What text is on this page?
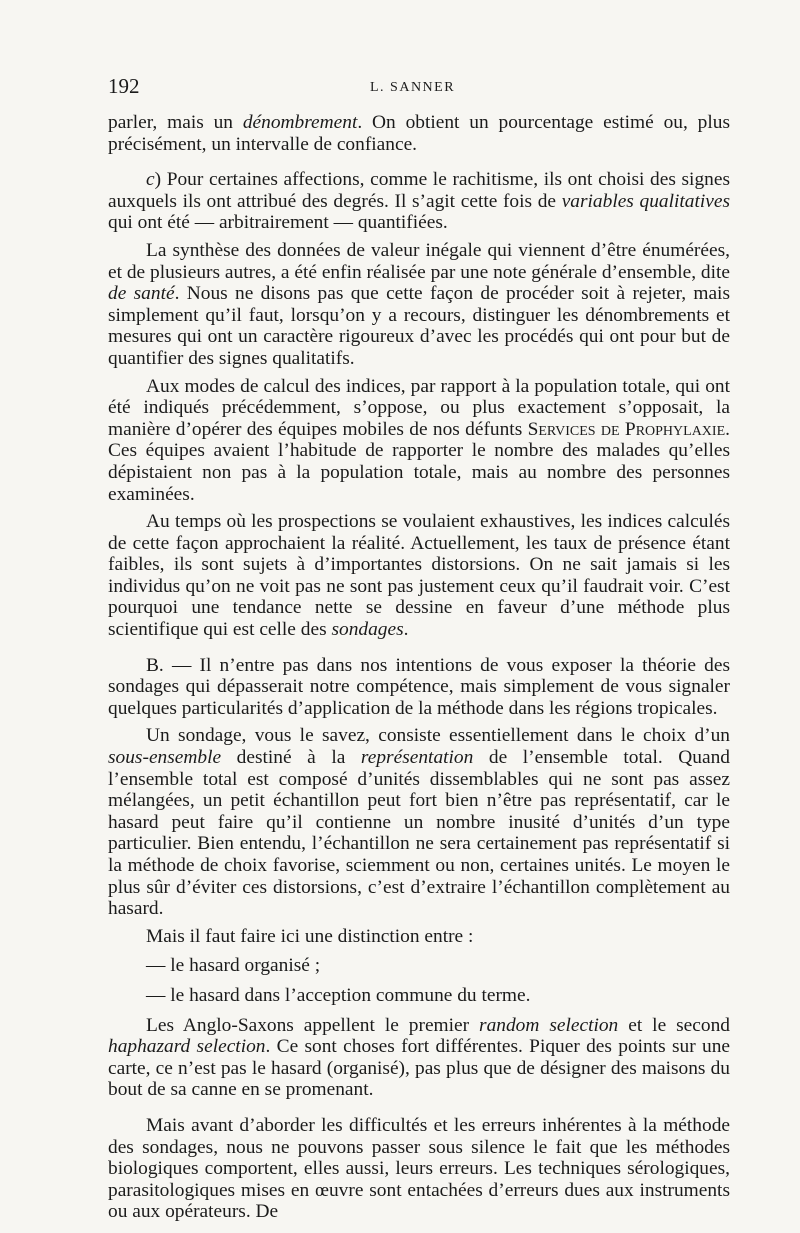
192	L. SANNER

parler, mais un dénombrement. On obtient un pourcentage estimé ou, plus précisément, un intervalle de confiance.

c) Pour certaines affections, comme le rachitisme, ils ont choisi des signes auxquels ils ont attribué des degrés. Il s’agit cette fois de variables qualitatives qui ont été — arbitrairement — quantifiées.

La synthèse des données de valeur inégale qui viennent d’être énumérées, et de plusieurs autres, a été enfin réalisée par une note générale d’ensemble, dite de santé. Nous ne disons pas que cette façon de procéder soit à rejeter, mais simplement qu’il faut, lorsqu’on y a recours, distinguer les dénombrements et mesures qui ont un caractère rigoureux d’avec les procédés qui ont pour but de quantifier des signes qualitatifs.

Aux modes de calcul des indices, par rapport à la population totale, qui ont été indiqués précédemment, s’oppose, ou plus exactement s’opposait, la manière d’opérer des équipes mobiles de nos défunts Services de Prophylaxie. Ces équipes avaient l’habitude de rapporter le nombre des malades qu’elles dépistaient non pas à la population totale, mais au nombre des personnes examinées.

Au temps où les prospections se voulaient exhaustives, les indices calculés de cette façon approchaient la réalité. Actuellement, les taux de présence étant faibles, ils sont sujets à d’importantes distorsions. On ne sait jamais si les individus qu’on ne voit pas ne sont pas justement ceux qu’il faudrait voir. C’est pourquoi une tendance nette se dessine en faveur d’une méthode plus scientifique qui est celle des sondages.

B. — Il n’entre pas dans nos intentions de vous exposer la théorie des sondages qui dépasserait notre compétence, mais simplement de vous signaler quelques particularités d’application de la méthode dans les régions tropicales.

Un sondage, vous le savez, consiste essentiellement dans le choix d’un sous-ensemble destiné à la représentation de l’ensemble total. Quand l’ensemble total est composé d’unités dissemblables qui ne sont pas assez mélangées, un petit échantillon peut fort bien n’être pas représentatif, car le hasard peut faire qu’il contienne un nombre inusité d’unités d’un type particulier. Bien entendu, l’échantillon ne sera certainement pas représentatif si la méthode de choix favorise, sciemment ou non, certaines unités. Le moyen le plus sûr d’éviter ces distorsions, c’est d’extraire l’échantillon complètement au hasard.

Mais il faut faire ici une distinction entre :

— le hasard organisé ;

— le hasard dans l’acception commune du terme.

Les Anglo-Saxons appellent le premier random selection et le second haphazard selection. Ce sont choses fort différentes. Piquer des points sur une carte, ce n’est pas le hasard (organisé), pas plus que de désigner des maisons du bout de sa canne en se promenant.

Mais avant d’aborder les difficultés et les erreurs inhérentes à la méthode des sondages, nous ne pouvons passer sous silence le fait que les méthodes biologiques comportent, elles aussi, leurs erreurs. Les techniques sérologiques, parasitologiques mises en œuvre sont entachées d’erreurs dues aux instruments ou aux opérateurs. De
